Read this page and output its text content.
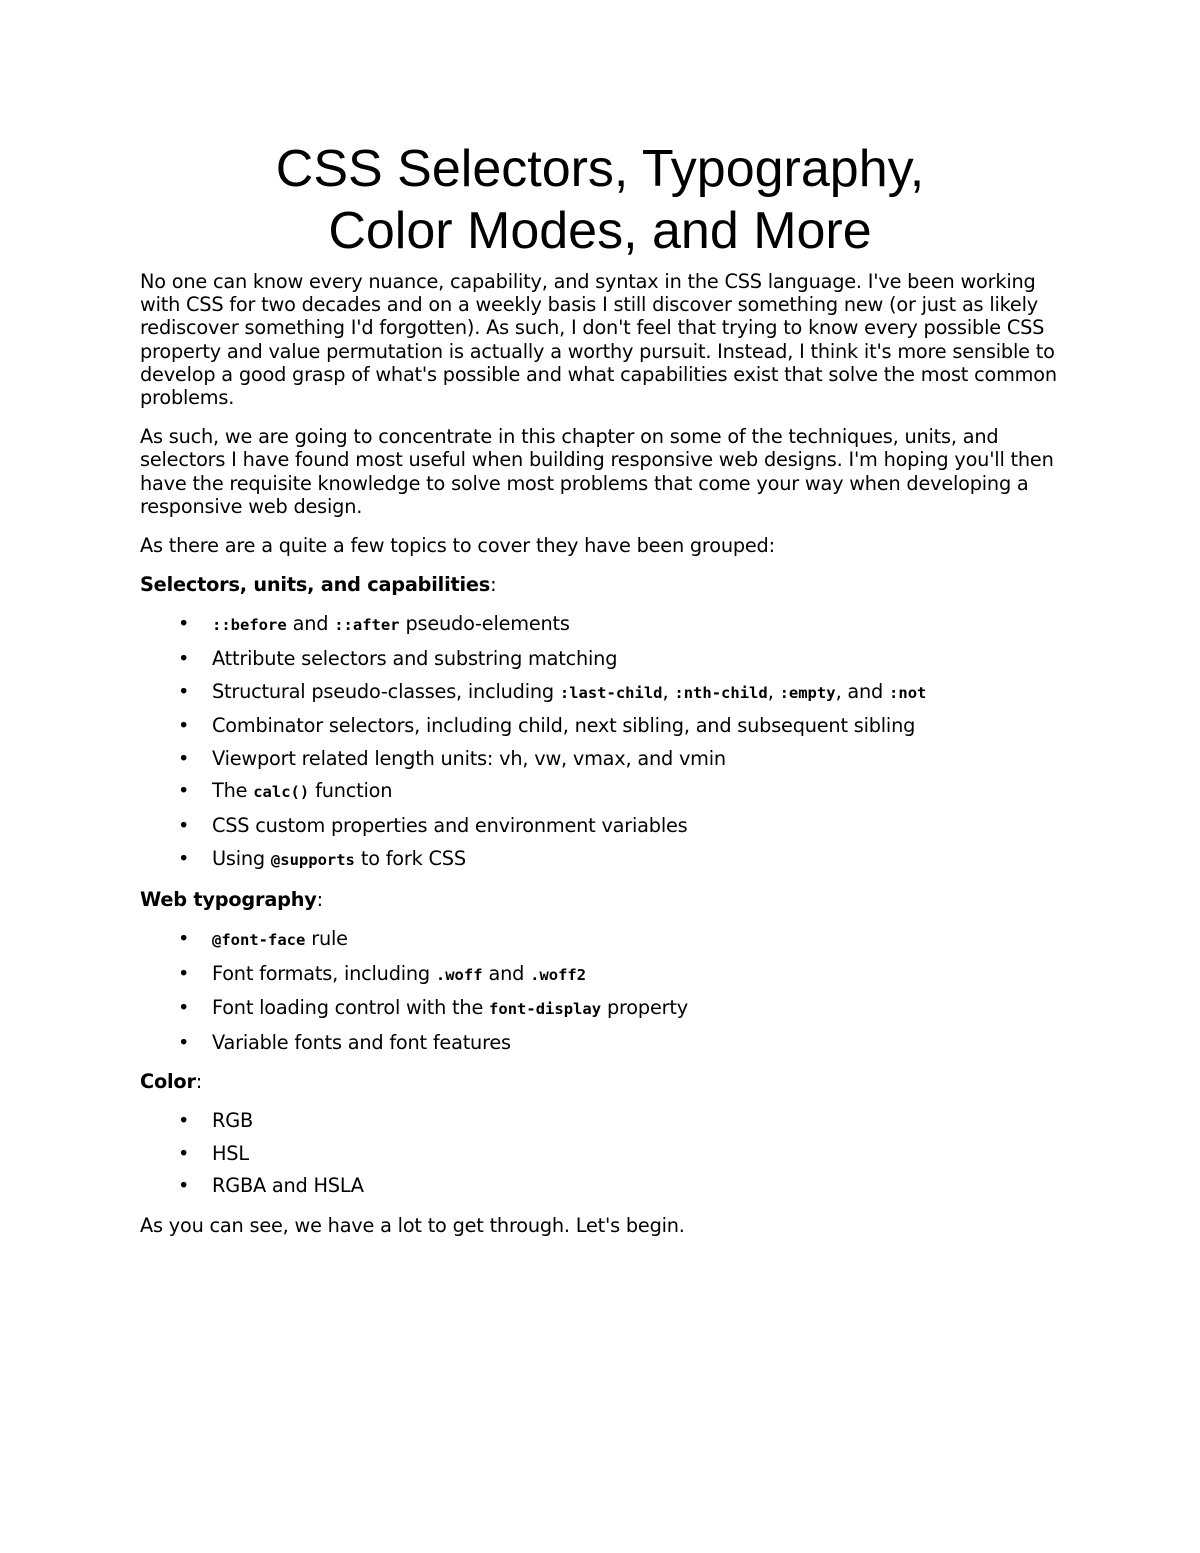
CSS Selectors, Typography,
Color Modes, and More

No one can know every nuance, capability, and syntax in the CSS language. I've been working with CSS for two decades and on a weekly basis I still discover something new (or just as likely rediscover something I'd forgotten). As such, I don't feel that trying to know every possible CSS property and value permutation is actually a worthy pursuit. Instead, I think it's more sensible to develop a good grasp of what's possible and what capabilities exist that solve the most common problems.

As such, we are going to concentrate in this chapter on some of the techniques, units, and selectors I have found most useful when building responsive web designs. I'm hoping you'll then have the requisite knowledge to solve most problems that come your way when developing a responsive web design.

As there are a quite a few topics to cover they have been grouped:

Selectors, units, and capabilities:
• ::before and ::after pseudo-elements
• Attribute selectors and substring matching
• Structural pseudo-classes, including :last-child, :nth-child, :empty, and :not
• Combinator selectors, including child, next sibling, and subsequent sibling
• Viewport related length units: vh, vw, vmax, and vmin
• The calc() function
• CSS custom properties and environment variables
• Using @supports to fork CSS
Web typography:
• @font-face rule
• Font formats, including .woff and .woff2
• Font loading control with the font-display property
• Variable fonts and font features
Color:
• RGB
• HSL
• RGBA and HSLA

As you can see, we have a lot to get through. Let's begin.
